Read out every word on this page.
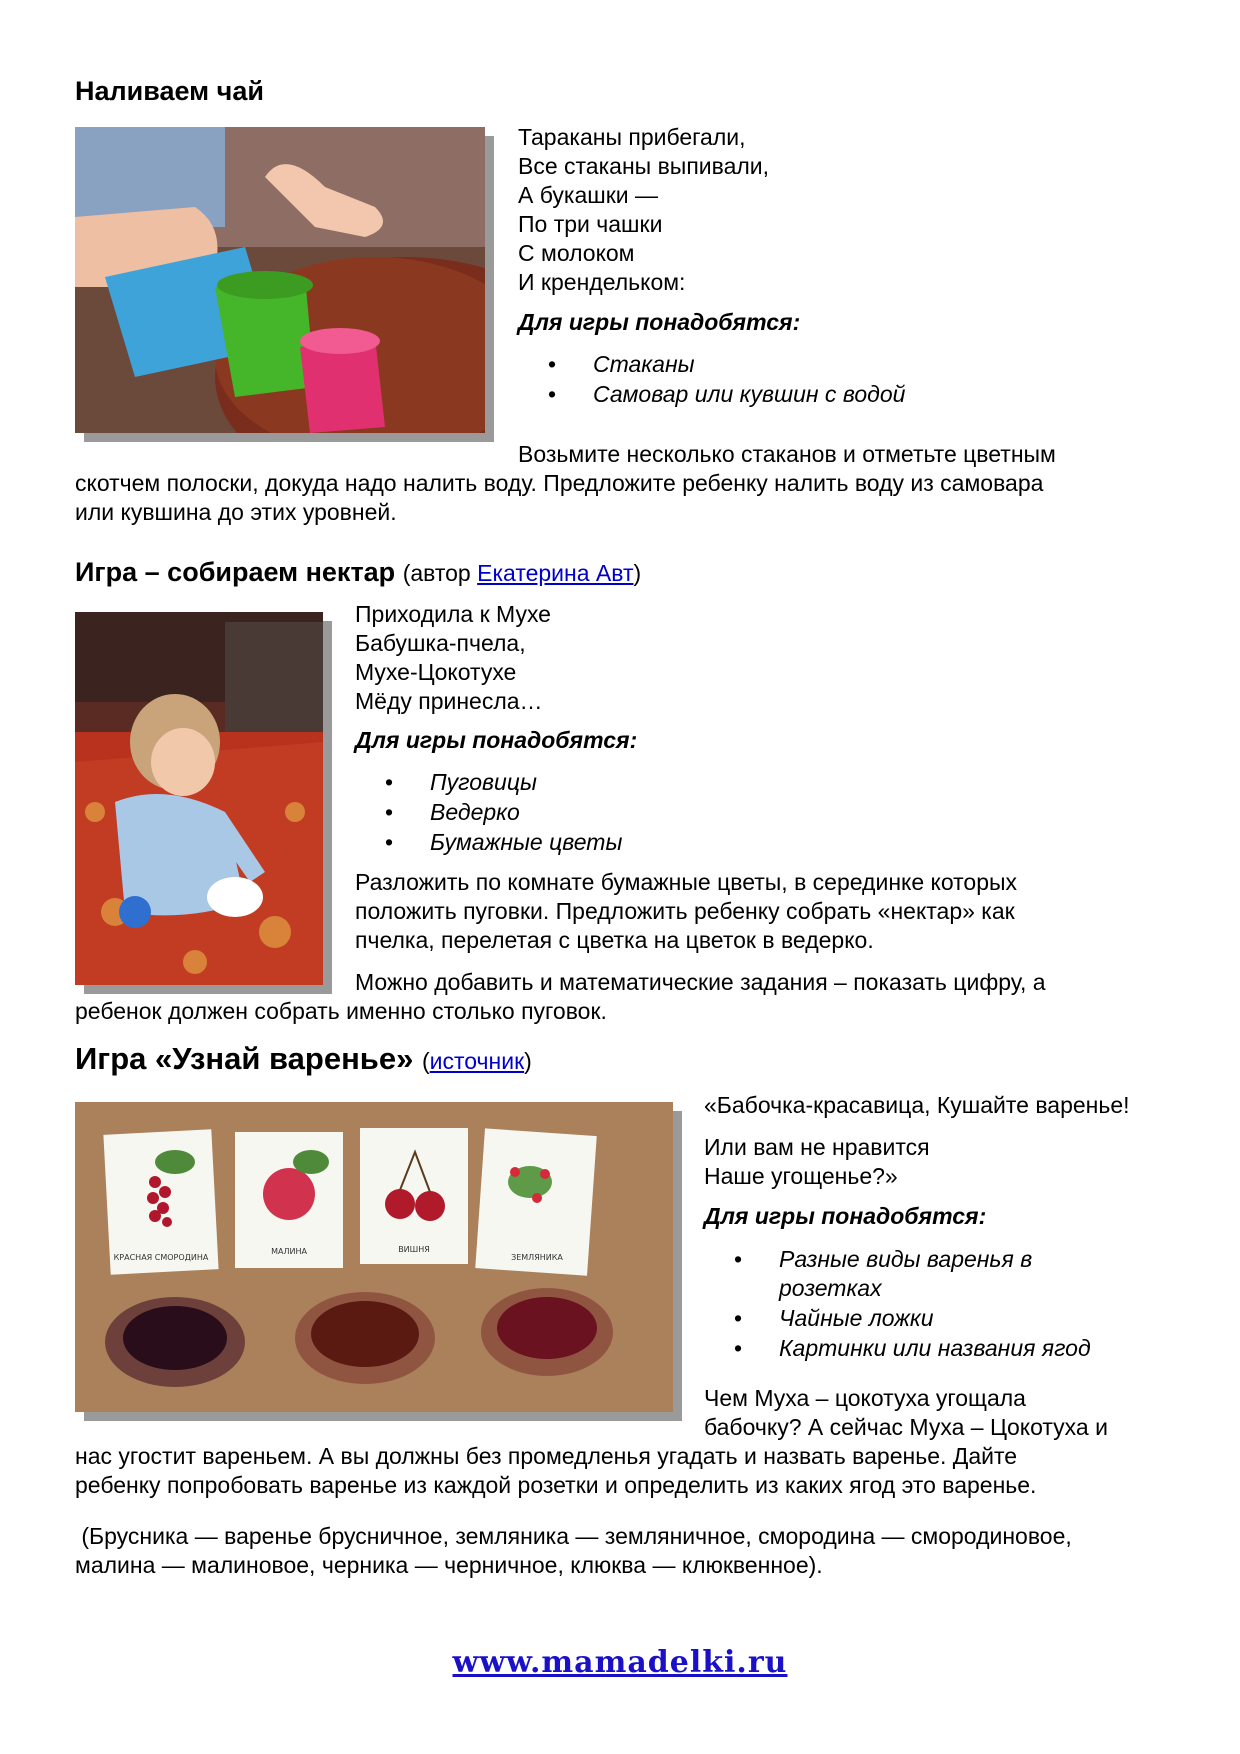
Наливаем чай
Тараканы прибегали,
Все стаканы выпивали,
А букашки —
По три чашки
С молоком
И крендельком:
Для игры понадобятся:
• Стаканы
• Самовар или кувшин с водой
Возьмите несколько стаканов и отметьте цветным
скотчем полоски, докуда надо налить воду. Предложите ребенку налить воду из самовара
или кувшина до этих уровней.
Игра – собираем нектар (автор Екатерина Авт)
Приходила к Мухе
Бабушка-пчела,
Мухе-Цокотухе
Мёду принесла…
Для игры понадобятся:
• Пуговицы
• Ведерко
• Бумажные цветы
Разложить по комнате бумажные цветы, в серединке которых
положить пуговки. Предложить ребенку собрать «нектар» как
пчелка, перелетая с цветка на цветок в ведерко.
Можно добавить и математические задания – показать цифру, а
ребенок должен собрать именно столько пуговок.
Игра «Узнай варенье» (источник)
КРАСНАЯ СМОРОДИНА
МАЛИНА	ВИШНЯ
ЗЕМЛЯНИКА
«Бабочка-красавица, Кушайте варенье!
Или вам не нравится
Наше угощенье?»
Для игры понадобятся:
• Разные виды варенья в
розетках
• Чайные ложки
• Картинки или названия ягод
Чем Муха – цокотуха угощала
бабочку? А сейчас Муха – Цокотуха и
нас угостит вареньем. А вы должны без промедленья угадать и назвать варенье. Дайте
ребенку попробовать варенье из каждой розетки и определить из каких ягод это варенье.
(Брусника — варенье брусничное, земляника — земляничное, смородина — смородиновое,
малина — малиновое, черника — черничное, клюква — клюквенное).
www.mamadelki.ru
